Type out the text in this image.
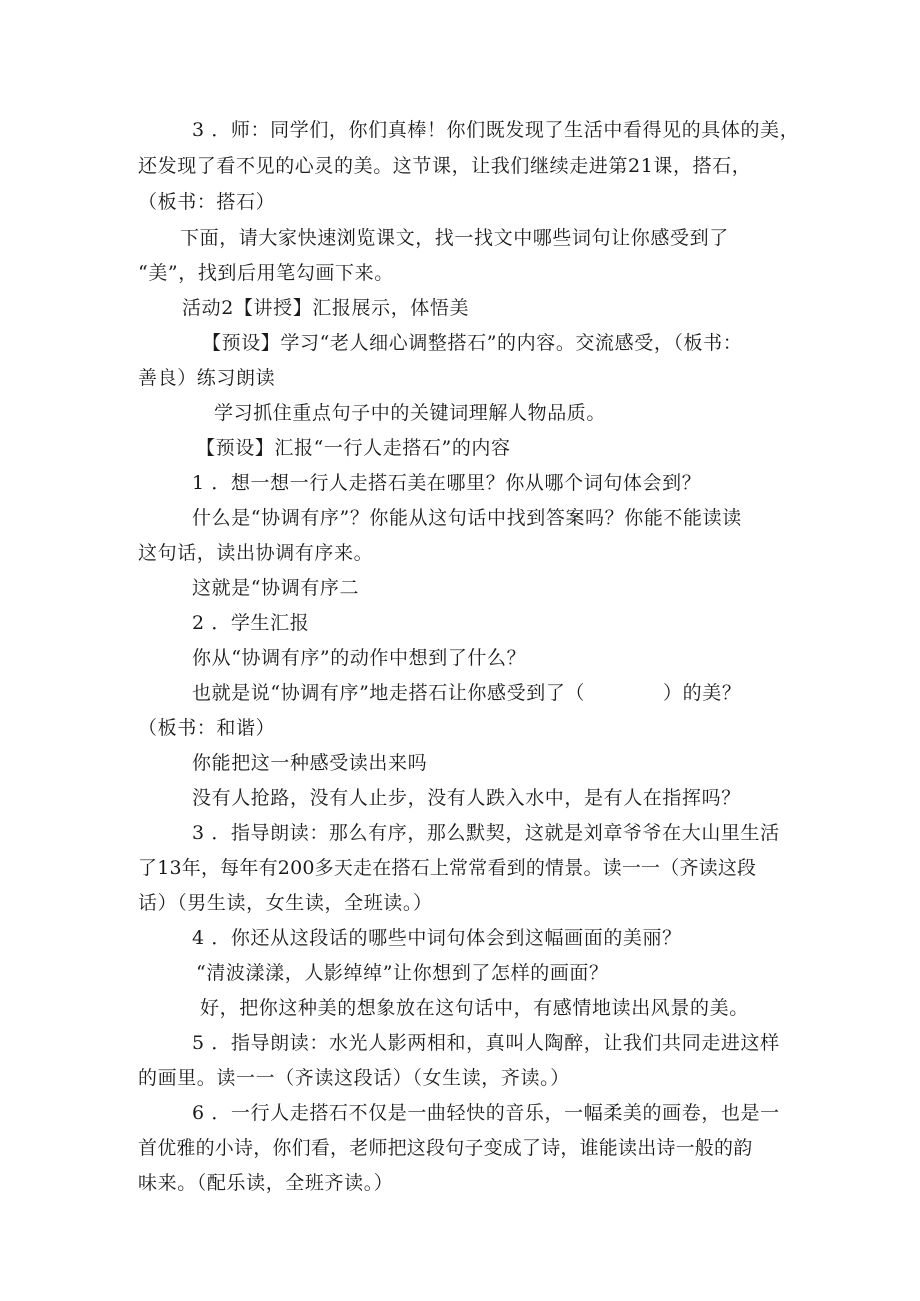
3 ．师：同学们，你们真棒！你们既发现了生活中看得见的具体的美，
还发现了看不见的心灵的美。这节课，让我们继续走进第21课，搭石，
（板书：搭石）
下面，请大家快速浏览课文，找一找文中哪些词句让你感受到了
“美”，找到后用笔勾画下来。
活动2【讲授】汇报展示，体悟美
【预设】学习“老人细心调整搭石”的内容。交流感受，（板书：
善良）练习朗读
学习抓住重点句子中的关键词理解人物品质。
【预设】汇报“一行人走搭石”的内容
1 ．想一想一行人走搭石美在哪里？你从哪个词句体会到？
什么是“协调有序”？你能从这句话中找到答案吗？你能不能读读
这句话，读出协调有序来。
这就是“协调有序二
2 ．学生汇报
你从“协调有序”的动作中想到了什么？
也就是说“协调有序”地走搭石让你感受到了（	）的美？
（板书：和谐）
你能把这一种感受读出来吗
没有人抢路，没有人止步，没有人跌入水中，是有人在指挥吗？
3 ．指导朗读：那么有序，那么默契，这就是刘章爷爷在大山里生活
了13年，每年有200多天走在搭石上常常看到的情景。读一一（齐读这段
话）（男生读，女生读，全班读。）
4 ．你还从这段话的哪些中词句体会到这幅画面的美丽？
“清波漾漾，人影绰绰”让你想到了怎样的画面？
好，把你这种美的想象放在这句话中，有感情地读出风景的美。
5 ．指导朗读：水光人影两相和，真叫人陶醉，让我们共同走进这样
的画里。读一一（齐读这段话）（女生读，齐读。）
6 ．一行人走搭石不仅是一曲轻快的音乐，一幅柔美的画卷，也是一
首优雅的小诗，你们看，老师把这段句子变成了诗，谁能读出诗一般的韵
味来。（配乐读，全班齐读。）
